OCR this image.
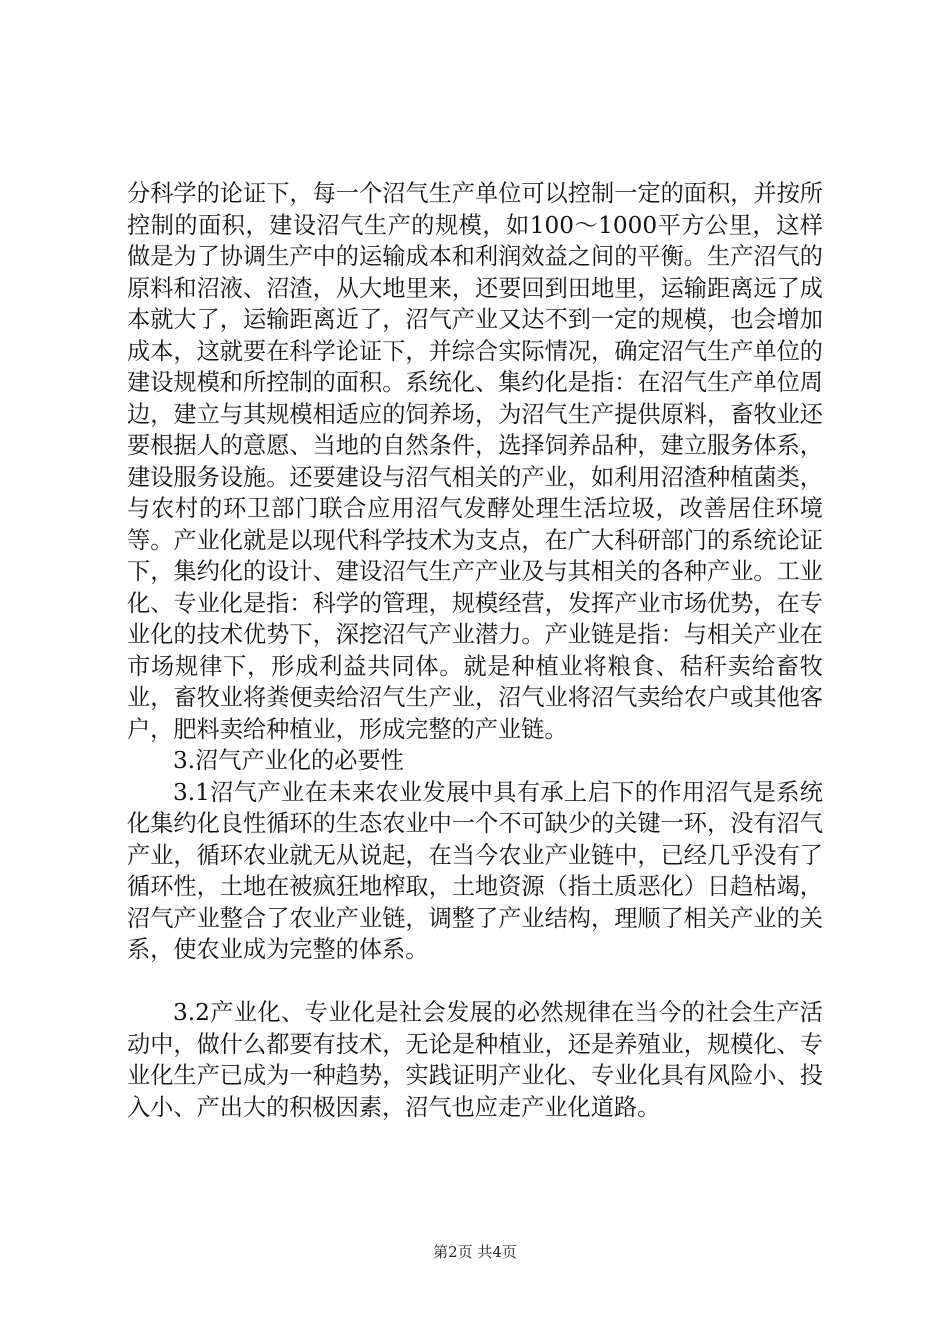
分科学的论证下，每一个沼气生产单位可以控制一定的面积，并按所控制的面积，建设沼气生产的规模，如100～1000平方公里，这样做是为了协调生产中的运输成本和利润效益之间的平衡。生产沼气的原料和沼液、沼渣，从大地里来，还要回到田地里，运输距离远了成本就大了，运输距离近了，沼气产业又达不到一定的规模，也会增加成本，这就要在科学论证下，并综合实际情况，确定沼气生产单位的建设规模和所控制的面积。系统化、集约化是指：在沼气生产单位周边，建立与其规模相适应的饲养场，为沼气生产提供原料，畜牧业还要根据人的意愿、当地的自然条件，选择饲养品种，建立服务体系，建设服务设施。还要建设与沼气相关的产业，如利用沼渣种植菌类，与农村的环卫部门联合应用沼气发酵处理生活垃圾，改善居住环境等。产业化就是以现代科学技术为支点，在广大科研部门的系统论证下，集约化的设计、建设沼气生产产业及与其相关的各种产业。工业化、专业化是指：科学的管理，规模经营，发挥产业市场优势，在专业化的技术优势下，深挖沼气产业潜力。产业链是指：与相关产业在市场规律下，形成利益共同体。就是种植业将粮食、秸秆卖给畜牧业，畜牧业将粪便卖给沼气生产业，沼气业将沼气卖给农户或其他客户，肥料卖给种植业，形成完整的产业链。

3.沼气产业化的必要性

3.1沼气产业在未来农业发展中具有承上启下的作用沼气是系统化集约化良性循环的生态农业中一个不可缺少的关键一环，没有沼气产业，循环农业就无从说起，在当今农业产业链中，已经几乎没有了循环性，土地在被疯狂地榨取，土地资源（指土质恶化）日趋枯竭，沼气产业整合了农业产业链，调整了产业结构，理顺了相关产业的关系，使农业成为完整的体系。

3.2产业化、专业化是社会发展的必然规律在当今的社会生产活动中，做什么都要有技术，无论是种植业，还是养殖业，规模化、专业化生产已成为一种趋势，实践证明产业化、专业化具有风险小、投入小、产出大的积极因素，沼气也应走产业化道路。

第2页 共4页
